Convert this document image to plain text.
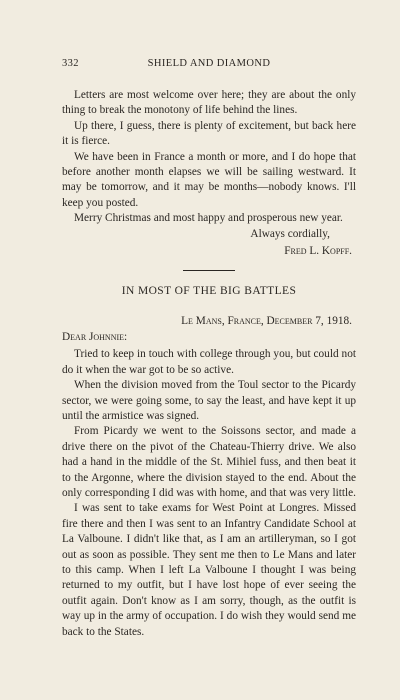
332	SHIELD AND DIAMOND

Letters are most welcome over here; they are about the only thing to break the monotony of life behind the lines.

Up there, I guess, there is plenty of excitement, but back here it is fierce.

We have been in France a month or more, and I do hope that before another month elapses we will be sailing westward. It may be tomorrow, and it may be months—nobody knows. I'll keep you posted.

Merry Christmas and most happy and prosperous new year.

Always cordially,

Fred L. Kopff.

IN MOST OF THE BIG BATTLES

Le Mans, France, December 7, 1918.

Dear Johnnie:

Tried to keep in touch with college through you, but could not do it when the war got to be so active.

When the division moved from the Toul sector to the Picardy sector, we were going some, to say the least, and have kept it up until the armistice was signed.

From Picardy we went to the Soissons sector, and made a drive there on the pivot of the Chateau-Thierry drive. We also had a hand in the middle of the St. Mihiel fuss, and then beat it to the Argonne, where the division stayed to the end. About the only corresponding I did was with home, and that was very little.

I was sent to take exams for West Point at Longres. Missed fire there and then I was sent to an Infantry Candidate School at La Valboune. I didn't like that, as I am an artilleryman, so I got out as soon as possible. They sent me then to Le Mans and later to this camp. When I left La Valboune I thought I was being returned to my outfit, but I have lost hope of ever seeing the outfit again. Don't know as I am sorry, though, as the outfit is way up in the army of occupation. I do wish they would send me back to the States.
